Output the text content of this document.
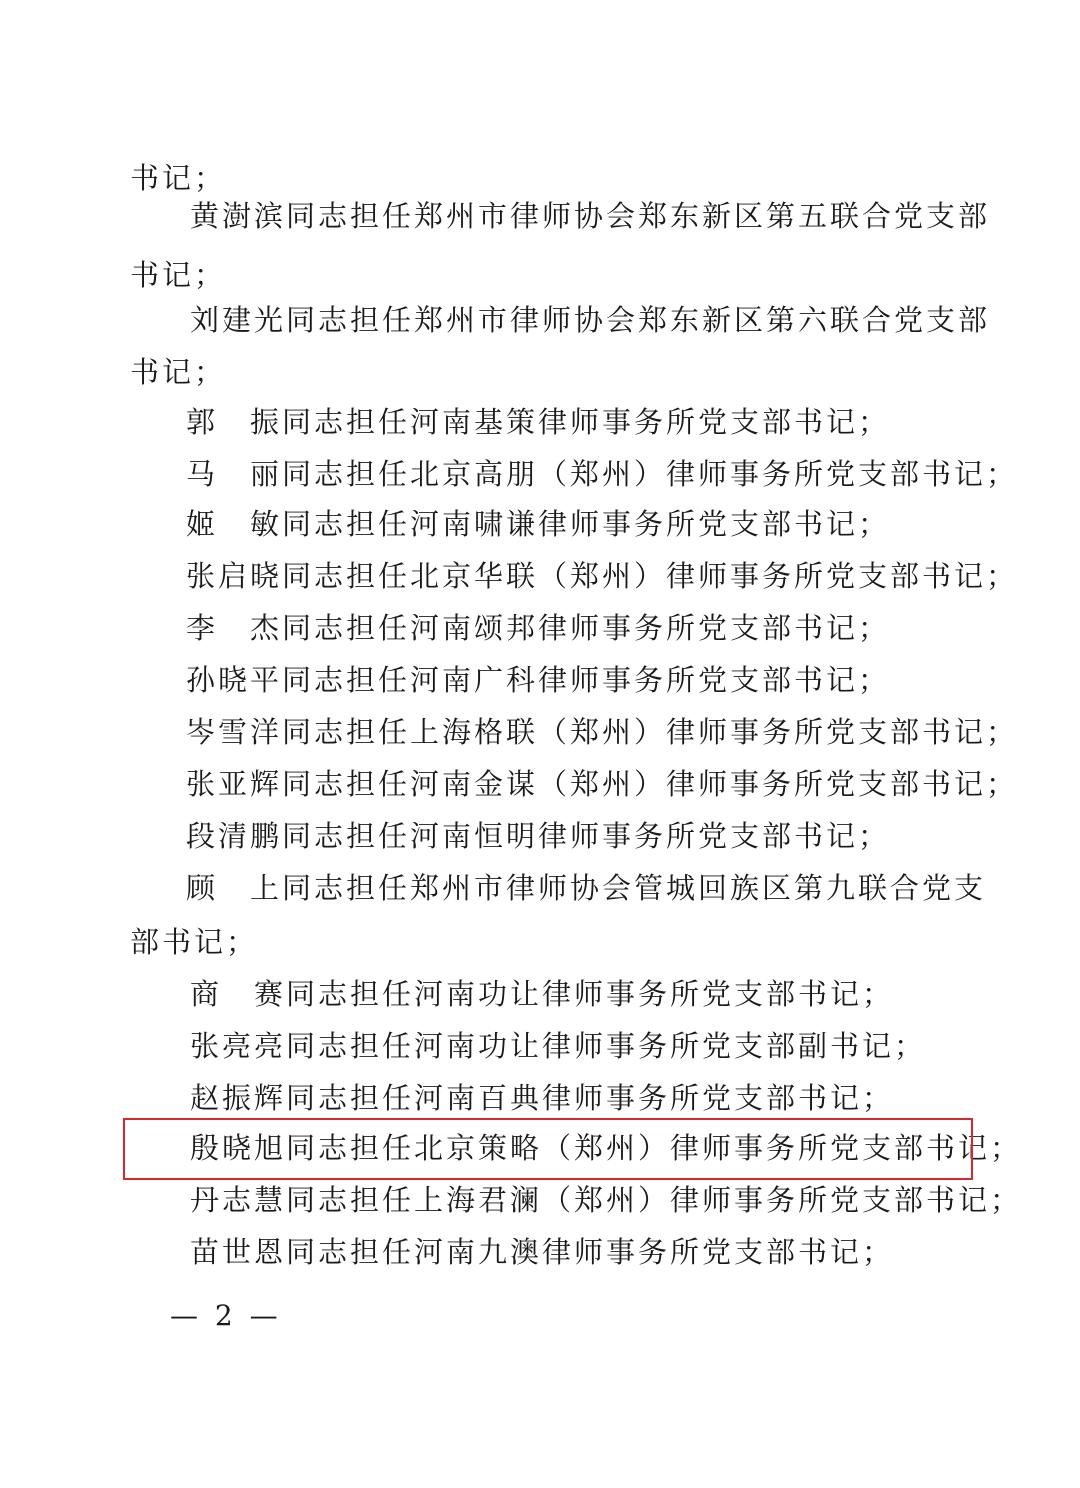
书记；
黄澍滨同志担任郑州市律师协会郑东新区第五联合党支部
书记；
刘建光同志担任郑州市律师协会郑东新区第六联合党支部
书记；
郭　振同志担任河南基策律师事务所党支部书记；
马　丽同志担任北京高朋（郑州）律师事务所党支部书记；
姬　敏同志担任河南啸谦律师事务所党支部书记；
张启晓同志担任北京华联（郑州）律师事务所党支部书记；
李　杰同志担任河南颂邦律师事务所党支部书记；
孙晓平同志担任河南广科律师事务所党支部书记；
岑雪洋同志担任上海格联（郑州）律师事务所党支部书记；
张亚辉同志担任河南金谋（郑州）律师事务所党支部书记；
段清鹏同志担任河南恒明律师事务所党支部书记；
顾　上同志担任郑州市律师协会管城回族区第九联合党支
部书记；
商　赛同志担任河南功让律师事务所党支部书记；
张亮亮同志担任河南功让律师事务所党支部副书记；
赵振辉同志担任河南百典律师事务所党支部书记；
殷晓旭同志担任北京策略（郑州）律师事务所党支部书记；
丹志慧同志担任上海君澜（郑州）律师事务所党支部书记；
苗世恩同志担任河南九澳律师事务所党支部书记；
— 2 —
